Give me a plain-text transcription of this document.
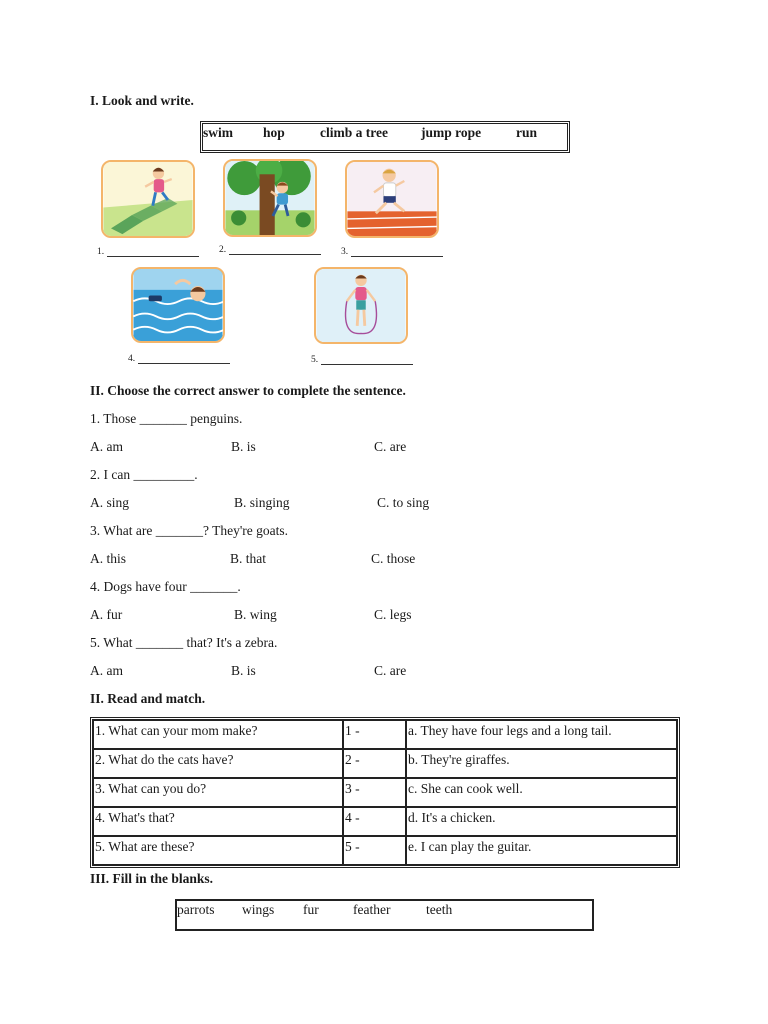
I. Look and write.
swim hop	climb a tree jump rope	run
1.	2.	3.
4.	5.
II. Choose the correct answer to complete the sentence.
1. Those _______ penguins.
A. am	B. is	C. are
2. I can _________.
A. sing	B. singing	C. to sing
3. What are _______? They're goats.
A. this	B. that	C. those
4. Dogs have four _______.
A. fur	B. wing	C. legs
5. What _______ that? It's a zebra.
A. am	B. is	C. are
II. Read and match.
1. What can your mom make?	1 -	a. They have four legs and a long tail.
2. What do the cats have?	2 -	b. They're giraffes.
3. What can you do?	3 -	c. She can cook well.
4. What's that?	4 -	d. It's a chicken.
5. What are these?	5 -	e. I can play the guitar.
III. Fill in the blanks.
parrots wings fur	feather	teeth
